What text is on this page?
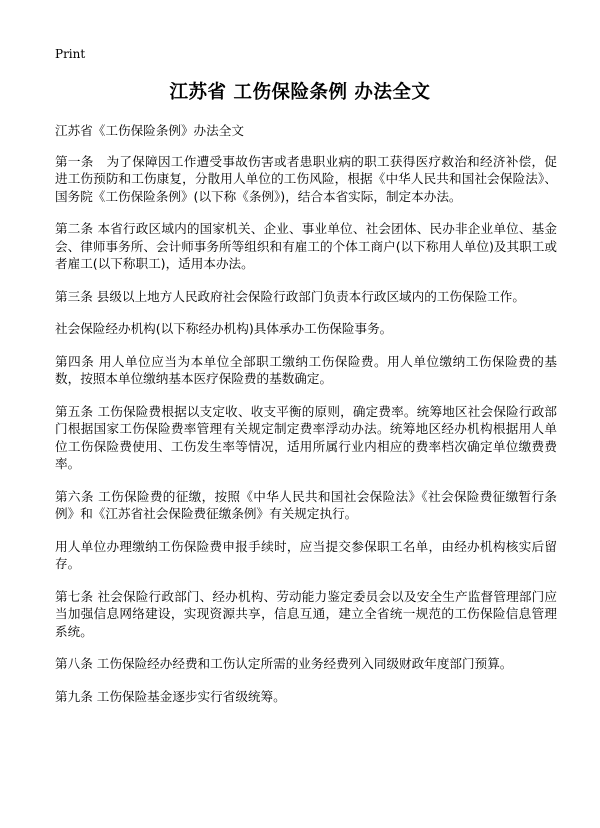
Print
江苏省 工伤保险条例 办法全文

江苏省《工伤保险条例》办法全文

第一条　为了保障因工作遭受事故伤害或者患职业病的职工获得医疗救治和经济补偿，促进工伤预防和工伤康复，分散用人单位的工伤风险，根据《中华人民共和国社会保险法》、国务院《工伤保险条例》(以下称《条例》)，结合本省实际，制定本办法。

第二条 本省行政区域内的国家机关、企业、事业单位、社会团体、民办非企业单位、基金会、律师事务所、会计师事务所等组织和有雇工的个体工商户(以下称用人单位)及其职工或者雇工(以下称职工)，适用本办法。

第三条 县级以上地方人民政府社会保险行政部门负责本行政区域内的工伤保险工作。

社会保险经办机构(以下称经办机构)具体承办工伤保险事务。

第四条 用人单位应当为本单位全部职工缴纳工伤保险费。用人单位缴纳工伤保险费的基数，按照本单位缴纳基本医疗保险费的基数确定。

第五条 工伤保险费根据以支定收、收支平衡的原则，确定费率。统筹地区社会保险行政部门根据国家工伤保险费率管理有关规定制定费率浮动办法。统筹地区经办机构根据用人单位工伤保险费使用、工伤发生率等情况，适用所属行业内相应的费率档次确定单位缴费费率。

第六条 工伤保险费的征缴，按照《中华人民共和国社会保险法》《社会保险费征缴暂行条例》和《江苏省社会保险费征缴条例》有关规定执行。

用人单位办理缴纳工伤保险费申报手续时，应当提交参保职工名单，由经办机构核实后留存。

第七条 社会保险行政部门、经办机构、劳动能力鉴定委员会以及安全生产监督管理部门应当加强信息网络建设，实现资源共享，信息互通，建立全省统一规范的工伤保险信息管理系统。

第八条 工伤保险经办经费和工伤认定所需的业务经费列入同级财政年度部门预算。

第九条 工伤保险基金逐步实行省级统筹。
